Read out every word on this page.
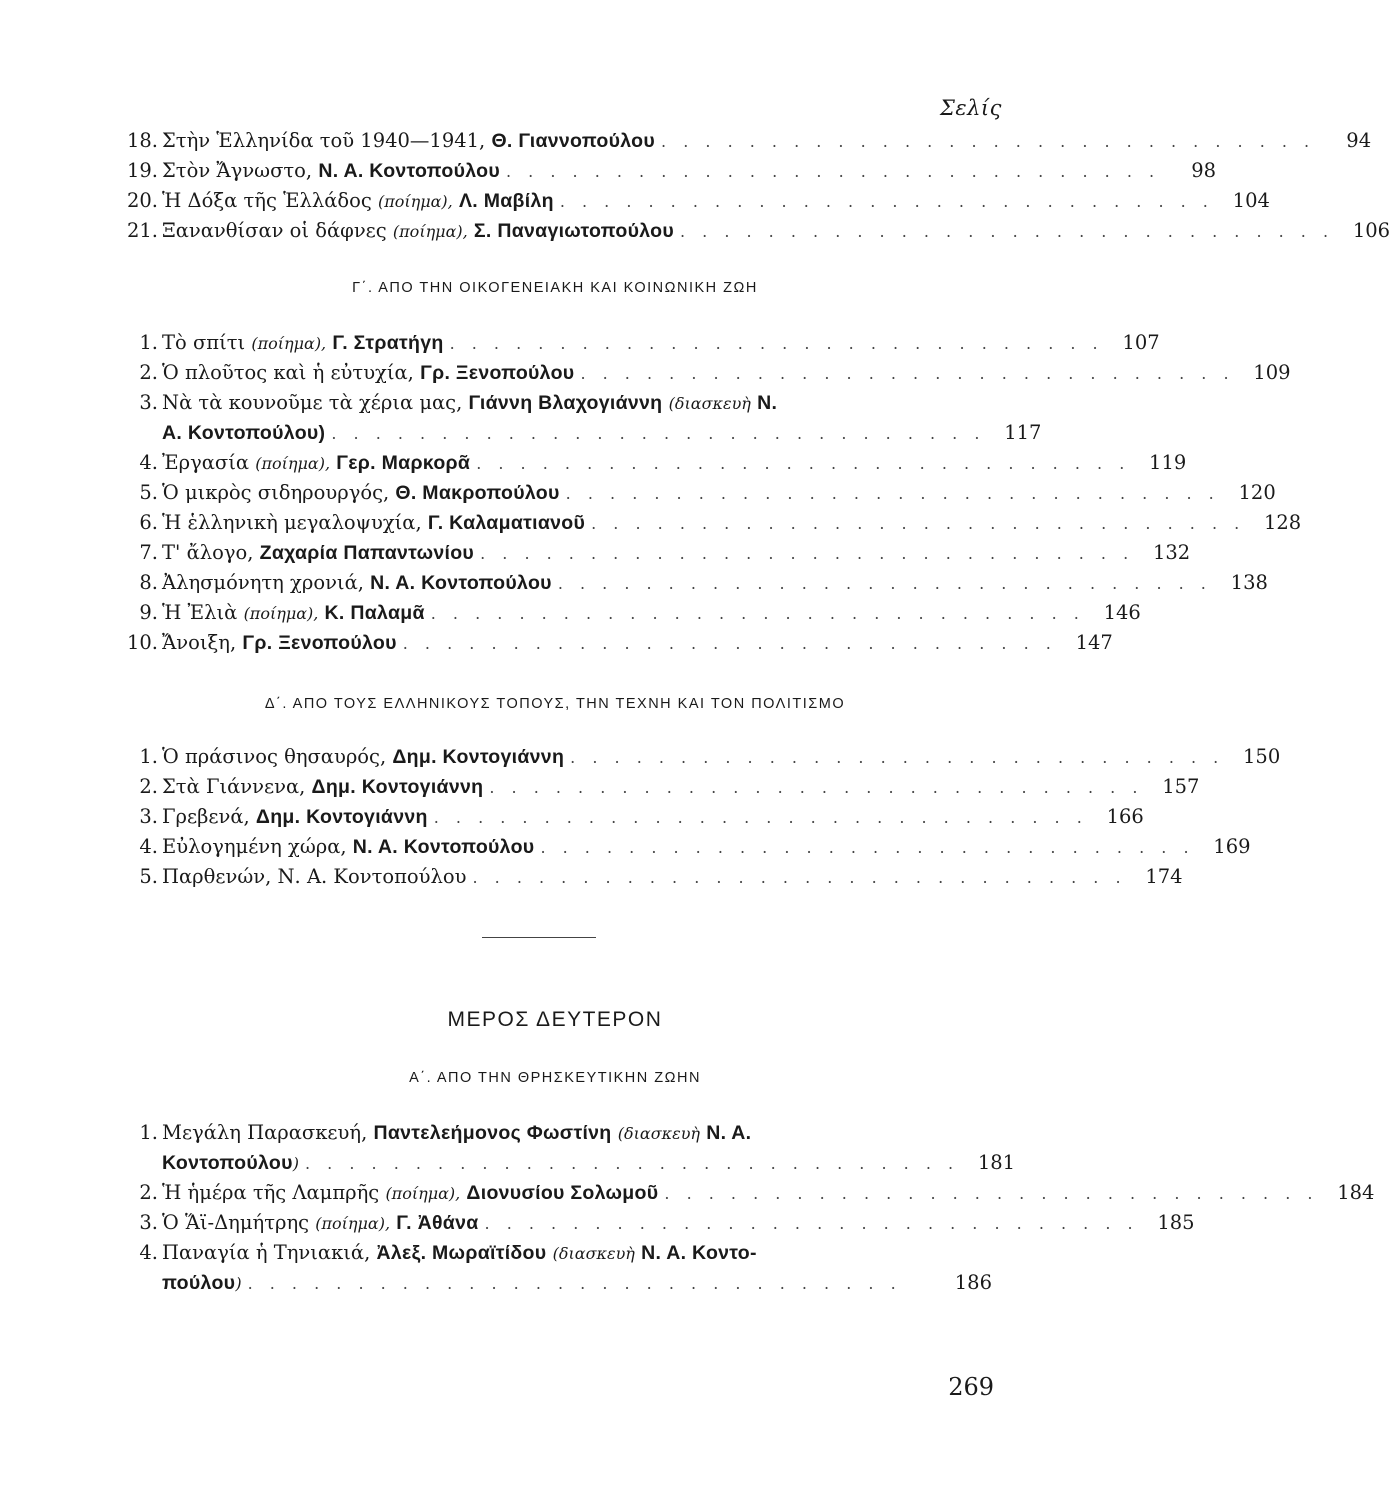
Σελίς
18. Στὴν Ἑλληνίδα τοῦ 1940—1941, Θ. Γιαννοπούλου . . . . . . . . . . . . . . . . . . . . . . . . . . . . . .	94
19. Στὸν Ἄγνωστο, Ν. Α. Κοντοπούλου . . . . . . . . . . . . . . . . . . . . . . . . . . . . . .	98
20. Ἡ Δόξα τῆς Ἑλλάδος (ποίημα), Λ. Μαβίλη . . . . . . . . . . . . . . . . . . . . . . . . . . . . . . 104
21. Ξανανθίσαν οἱ δάφνες (ποίημα), Σ. Παναγιωτοπούλου . . . . . . . . . . . . . . . . . . . . . . . . . . . . . . 106
Γ΄. ΑΠΟ ΤΗΝ ΟΙΚΟΓΕΝΕΙΑΚΗ ΚΑΙ ΚΟΙΝΩΝΙΚΗ ΖΩΗ
1. Τὸ σπίτι (ποίημα), Γ. Στρατήγη . . . . . . . . . . . . . . . . . . . . . . . . . . . . . . 107
2. Ὁ πλοῦτος καὶ ἡ εὐτυχία, Γρ. Ξενοπούλου . . . . . . . . . . . . . . . . . . . . . . . . . . . . . . 109
3. Νὰ τὰ κουνοῦμε τὰ χέρια μας, Γιάννη Βλαχογιάννη (διασκευὴ Ν.
Α. Κοντοπούλου) . . . . . . . . . . . . . . . . . . . . . . . . . . . . . . 117
4. Ἐργασία (ποίημα), Γερ. Μαρκορᾶ . . . . . . . . . . . . . . . . . . . . . . . . . . . . . . 119
5. Ὁ μικρὸς σιδηρουργός, Θ. Μακροπούλου . . . . . . . . . . . . . . . . . . . . . . . . . . . . . . 120
6. Ἡ ἑλληνικὴ μεγαλοψυχία, Γ. Καλαματιανοῦ . . . . . . . . . . . . . . . . . . . . . . . . . . . . . . 128
7. Τ' ἄλογο, Ζαχαρία Παπαντωνίου . . . . . . . . . . . . . . . . . . . . . . . . . . . . . . 132
8. Ἀλησμόνητη χρονιά, Ν. Α. Κοντοπούλου . . . . . . . . . . . . . . . . . . . . . . . . . . . . . . 138
9. Ἡ Ἐλιὰ (ποίημα), Κ. Παλαμᾶ . . . . . . . . . . . . . . . . . . . . . . . . . . . . . . 146
10. Ἄνοιξη, Γρ. Ξενοπούλου . . . . . . . . . . . . . . . . . . . . . . . . . . . . . . 147
Δ΄. ΑΠΟ ΤΟΥΣ ΕΛΛΗΝΙΚΟΥΣ ΤΟΠΟΥΣ, ΤΗΝ ΤΕΧΝΗ ΚΑΙ ΤΟΝ ΠΟΛΙΤΙΣΜΟ
1. Ὁ πράσινος θησαυρός, Δημ. Κοντογιάννη . . . . . . . . . . . . . . . . . . . . . . . . . . . . . . 150
2. Στὰ Γιάννενα, Δημ. Κοντογιάννη . . . . . . . . . . . . . . . . . . . . . . . . . . . . . . 157
3. Γρεβενά, Δημ. Κοντογιάννη . . . . . . . . . . . . . . . . . . . . . . . . . . . . . . 166
4. Εὐλογημένη χώρα, Ν. Α. Κοντοπούλου . . . . . . . . . . . . . . . . . . . . . . . . . . . . . . 169
5. Παρθενών, Ν. Α. Κοντοπούλου . . . . . . . . . . . . . . . . . . . . . . . . . . . . . . 174
ΜΕΡΟΣ ΔΕΥΤΕΡΟΝ
Α΄. ΑΠΟ ΤΗΝ ΘΡΗΣΚΕΥΤΙΚΗΝ ΖΩΗΝ
1. Μεγάλη Παρασκευή, Παντελεήμονος Φωστίνη (διασκευὴ Ν. Α.
Κοντοπούλου) . . . . . . . . . . . . . . . . . . . . . . . . . . . . . . 181
2. Ἡ ἡμέρα τῆς Λαμπρῆς (ποίημα), Διονυσίου Σολωμοῦ . . . . . . . . . . . . . . . . . . . . . . . . . . . . . . 184
3. Ὁ Ἅϊ-Δημήτρης (ποίημα), Γ. Ἀθάνα . . . . . . . . . . . . . . . . . . . . . . . . . . . . . . 185
4. Παναγία ἡ Τηνιακιά, Ἀλεξ. Μωραϊτίδου (διασκευὴ Ν. Α. Κοντο-
πούλου) . . . . . . . . . . . . . . . . . . . . . . . . . . . . . .	186
269
